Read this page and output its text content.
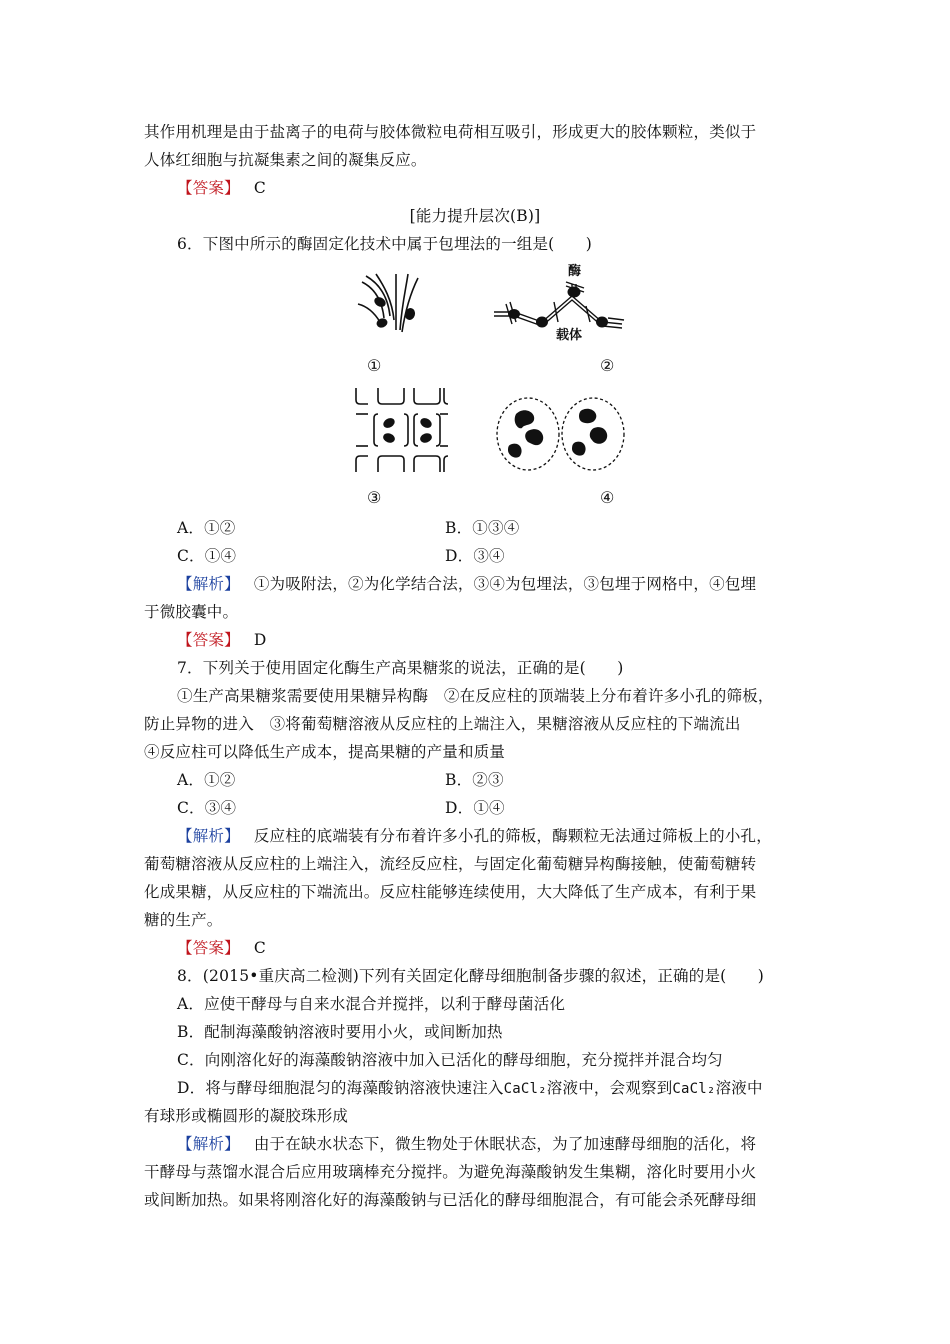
其作用机理是由于盐离子的电荷与胶体微粒电荷相互吸引，形成更大的胶体颗粒，类似于
人体红细胞与抗凝集素之间的凝集反应。
【答案】 C
[能力提升层次(B)]
6．下图中所示的酶固定化技术中属于包埋法的一组是(　　)
①
酶
载体
②
③	④
A．①②	B．①③④
C．①④	D．③④
【解析】 ①为吸附法，②为化学结合法，③④为包埋法，③包埋于网格中，④包埋
于微胶囊中。
【答案】 D
7．下列关于使用固定化酶生产高果糖浆的说法，正确的是(　　)
①生产高果糖浆需要使用果糖异构酶　②在反应柱的顶端装上分布着许多小孔的筛板，
防止异物的进入　③将葡萄糖溶液从反应柱的上端注入，果糖溶液从反应柱的下端流出
④反应柱可以降低生产成本，提高果糖的产量和质量
A．①②	B．②③
C．③④	D．①④
【解析】 反应柱的底端装有分布着许多小孔的筛板，酶颗粒无法通过筛板上的小孔，
葡萄糖溶液从反应柱的上端注入，流经反应柱，与固定化葡萄糖异构酶接触，使葡萄糖转
化成果糖，从反应柱的下端流出。反应柱能够连续使用，大大降低了生产成本，有利于果
糖的生产。
【答案】 C
8．(2015•重庆高二检测)下列有关固定化酵母细胞制备步骤的叙述，正确的是(　　)
A．应使干酵母与自来水混合并搅拌，以利于酵母菌活化
B．配制海藻酸钠溶液时要用小火，或间断加热
C．向刚溶化好的海藻酸钠溶液中加入已活化的酵母细胞，充分搅拌并混合均匀
D．将与酵母细胞混匀的海藻酸钠溶液快速注入CaCl₂溶液中，会观察到CaCl₂溶液中
有球形或椭圆形的凝胶珠形成
【解析】 由于在缺水状态下，微生物处于休眠状态，为了加速酵母细胞的活化，将
干酵母与蒸馏水混合后应用玻璃棒充分搅拌。为避免海藻酸钠发生集糊，溶化时要用小火
或间断加热。如果将刚溶化好的海藻酸钠与已活化的酵母细胞混合，有可能会杀死酵母细
